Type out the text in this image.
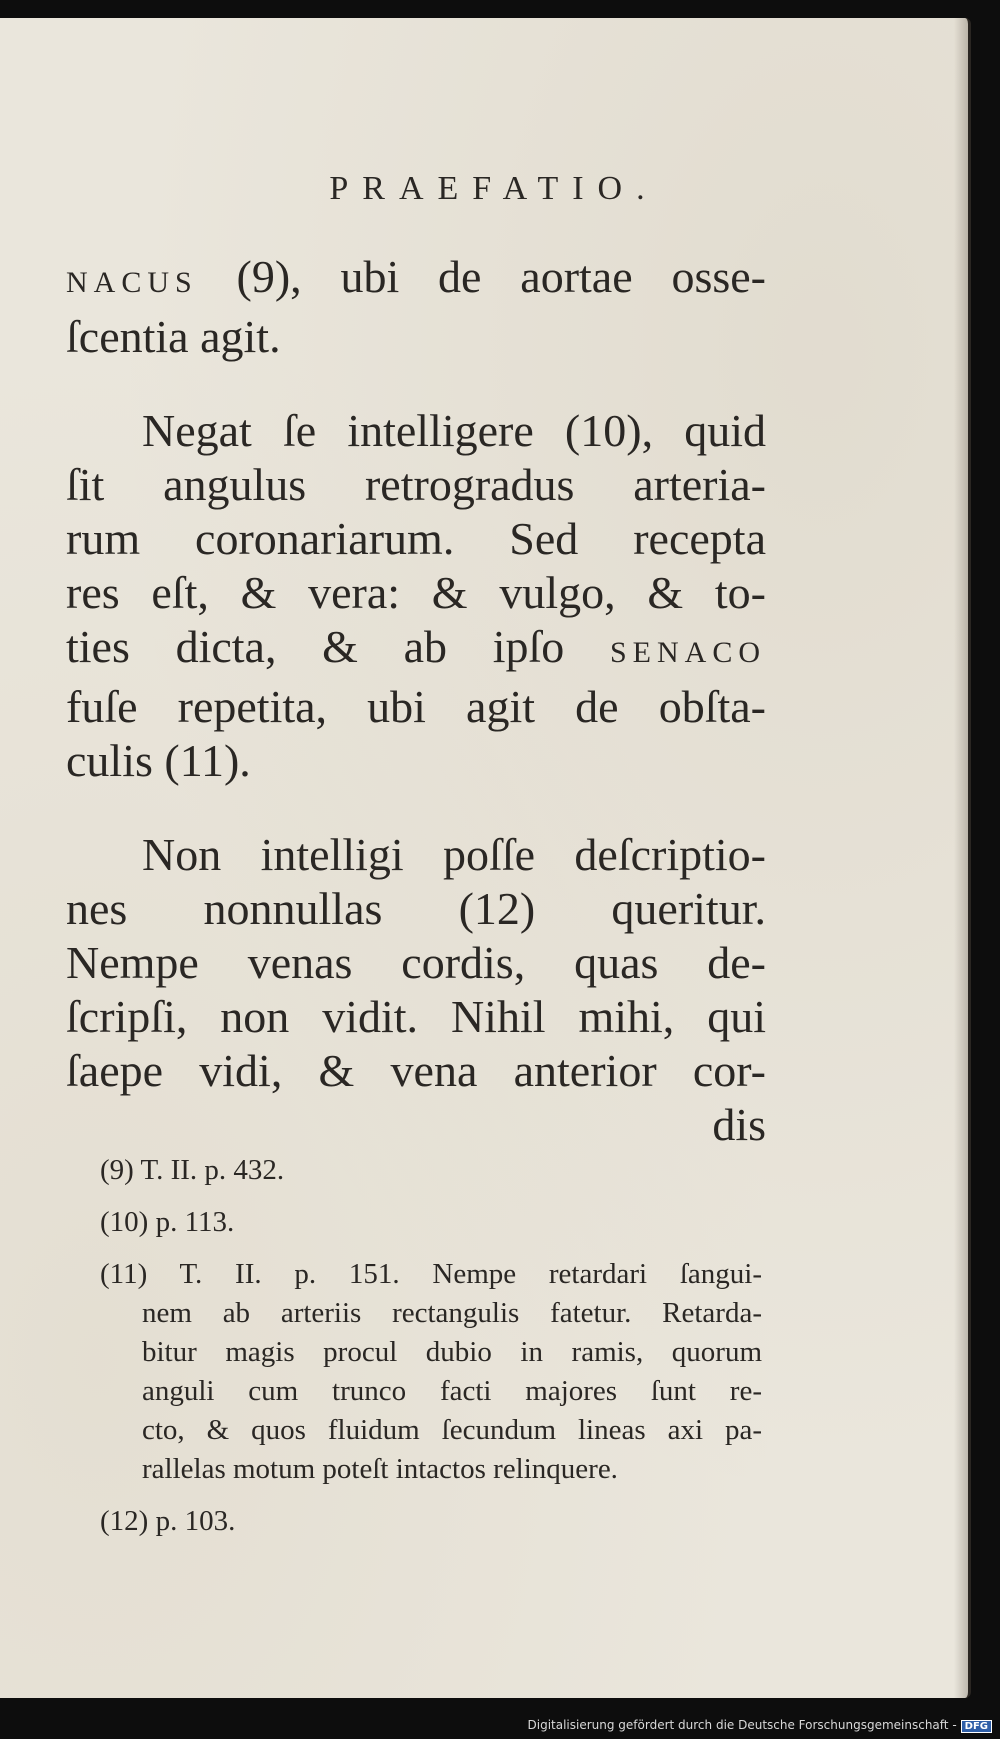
PRAEFATIO.

NACUS (9), ubi de aortae osse-
ſcentia agit.

Negat ſe intelligere (10), quid
ſit angulus retrogradus arteria-
rum coronariarum. Sed recepta
res eſt, & vera: & vulgo, & to-
ties dicta, & ab ipſo SENACO
fuſe repetita, ubi agit de obſta-
culis (11).

Non intelligi poſſe deſcriptio-
nes nonnullas (12) queritur.
Nempe venas cordis, quas de-
ſcripſi, non vidit. Nihil mihi, qui
ſaepe vidi, & vena anterior cor-
dis

(9) T. II. p. 432.
(10) p. 113.
(11) T. II. p. 151. Nempe retardari ſangui-
nem ab arteriis rectangulis fatetur. Retarda-
bitur magis procul dubio in ramis, quorum
anguli cum trunco facti majores ſunt re-
cto, & quos fluidum ſecundum lineas axi pa-
rallelas motum poteſt intactos relinquere.
(12) p. 103.
Digitalisierung gefördert durch die Deutsche Forschungsgemeinschaft - DFG
